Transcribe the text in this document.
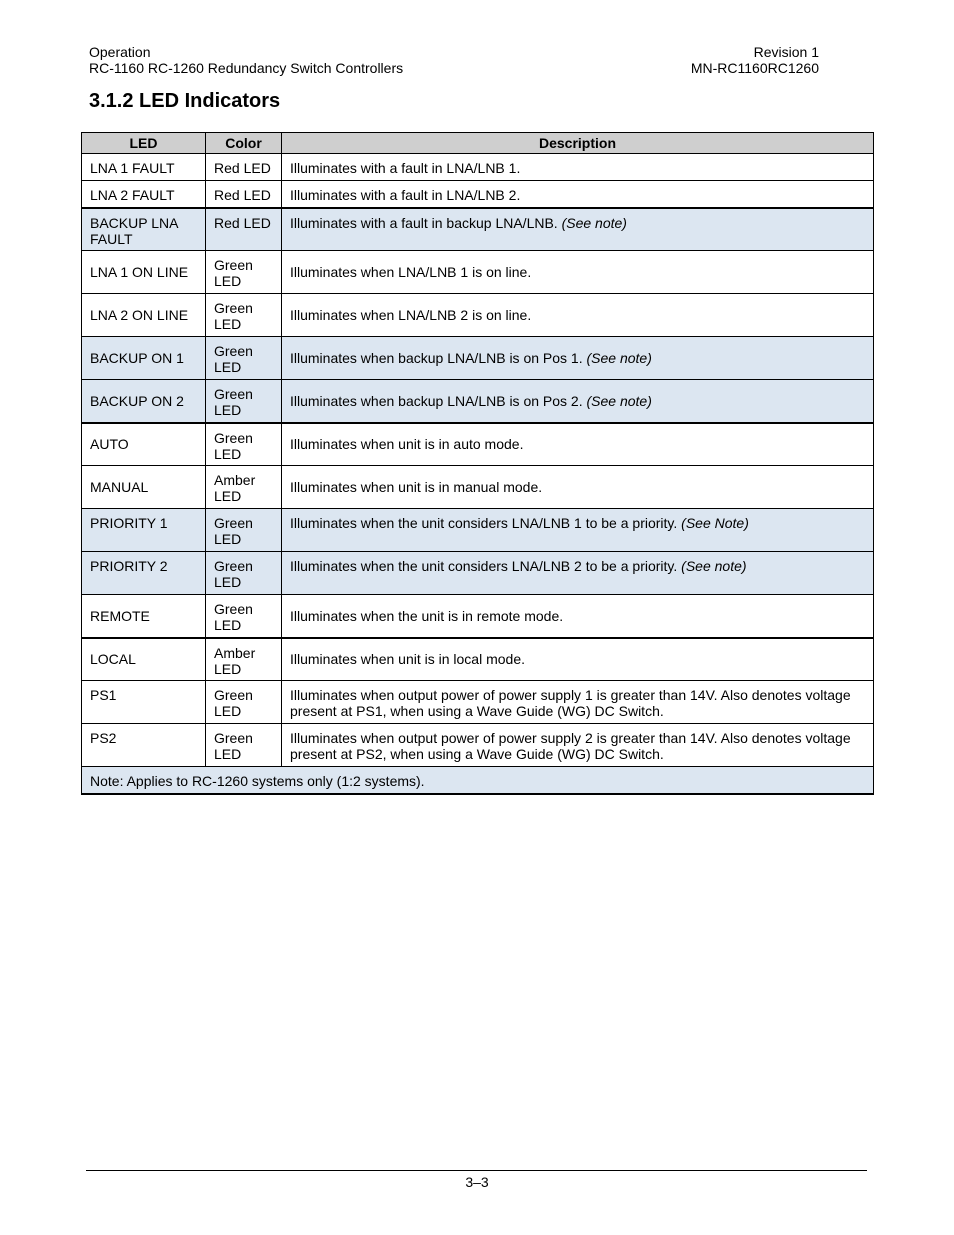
Operation
RC-1160 RC-1260 Redundancy Switch Controllers
Revision 1
MN-RC1160RC1260
3.1.2 LED Indicators
LED	Color	Description
LNA 1 FAULT	Red LED	Illuminates with a fault in LNA/LNB 1.
LNA 2 FAULT	Red LED	Illuminates with a fault in LNA/LNB 2.
BACKUP LNA FAULT	Red LED	Illuminates with a fault in backup LNA/LNB. (See note)
LNA 1 ON LINE	Green LED	Illuminates when LNA/LNB 1 is on line.
LNA 2 ON LINE	Green LED	Illuminates when LNA/LNB 2 is on line.
BACKUP ON 1	Green LED	Illuminates when backup LNA/LNB is on Pos 1. (See note)
BACKUP ON 2	Green LED	Illuminates when backup LNA/LNB is on Pos 2. (See note)
AUTO	Green LED	Illuminates when unit is in auto mode.
MANUAL	Amber LED	Illuminates when unit is in manual mode.
PRIORITY 1	Green LED	Illuminates when the unit considers LNA/LNB 1 to be a priority. (See Note)
PRIORITY 2	Green LED	Illuminates when the unit considers LNA/LNB 2 to be a priority. (See note)
REMOTE	Green LED	Illuminates when the unit is in remote mode.
LOCAL	Amber LED	Illuminates when unit is in local mode.
PS1	Green LED	Illuminates when output power of power supply 1 is greater than 14V. Also denotes voltage present at PS1, when using a Wave Guide (WG) DC Switch.
PS2	Green LED	Illuminates when output power of power supply 2 is greater than 14V. Also denotes voltage present at PS2, when using a Wave Guide (WG) DC Switch.
Note: Applies to RC-1260 systems only (1:2 systems).		
3–3
